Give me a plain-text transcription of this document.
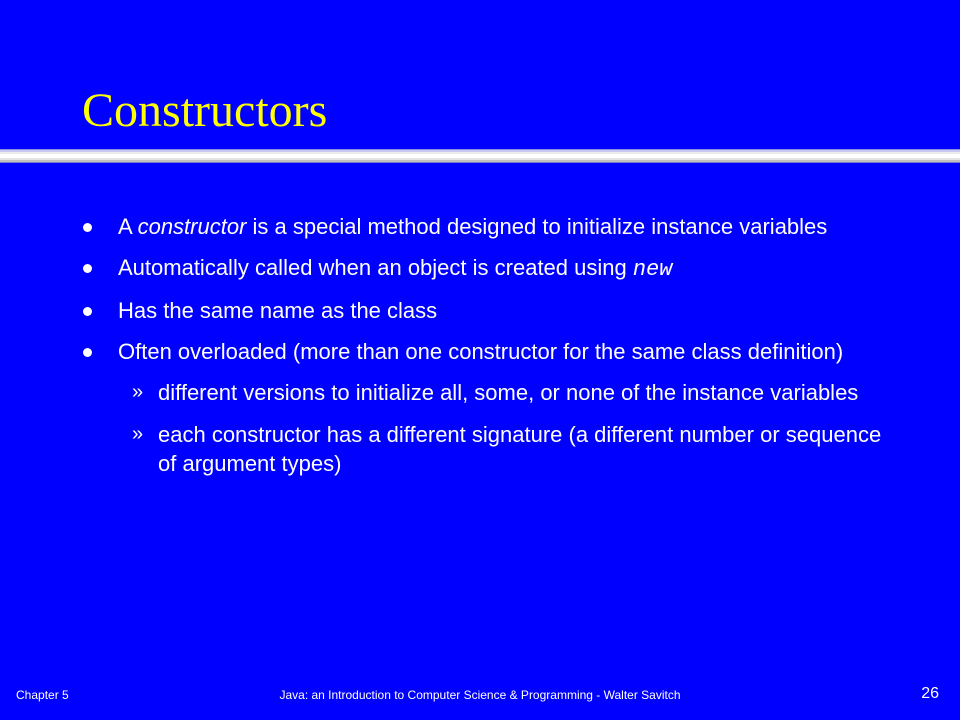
Constructors
A constructor is a special method designed to initialize instance variables
Automatically called when an object is created using new
Has the same name as the class
Often overloaded (more than one constructor for the same class definition)
» different versions to initialize all, some, or none of the instance variables
» each constructor has a different signature (a different number or sequence of argument types)
Chapter 5	Java: an Introduction to Computer Science & Programming - Walter Savitch	26
